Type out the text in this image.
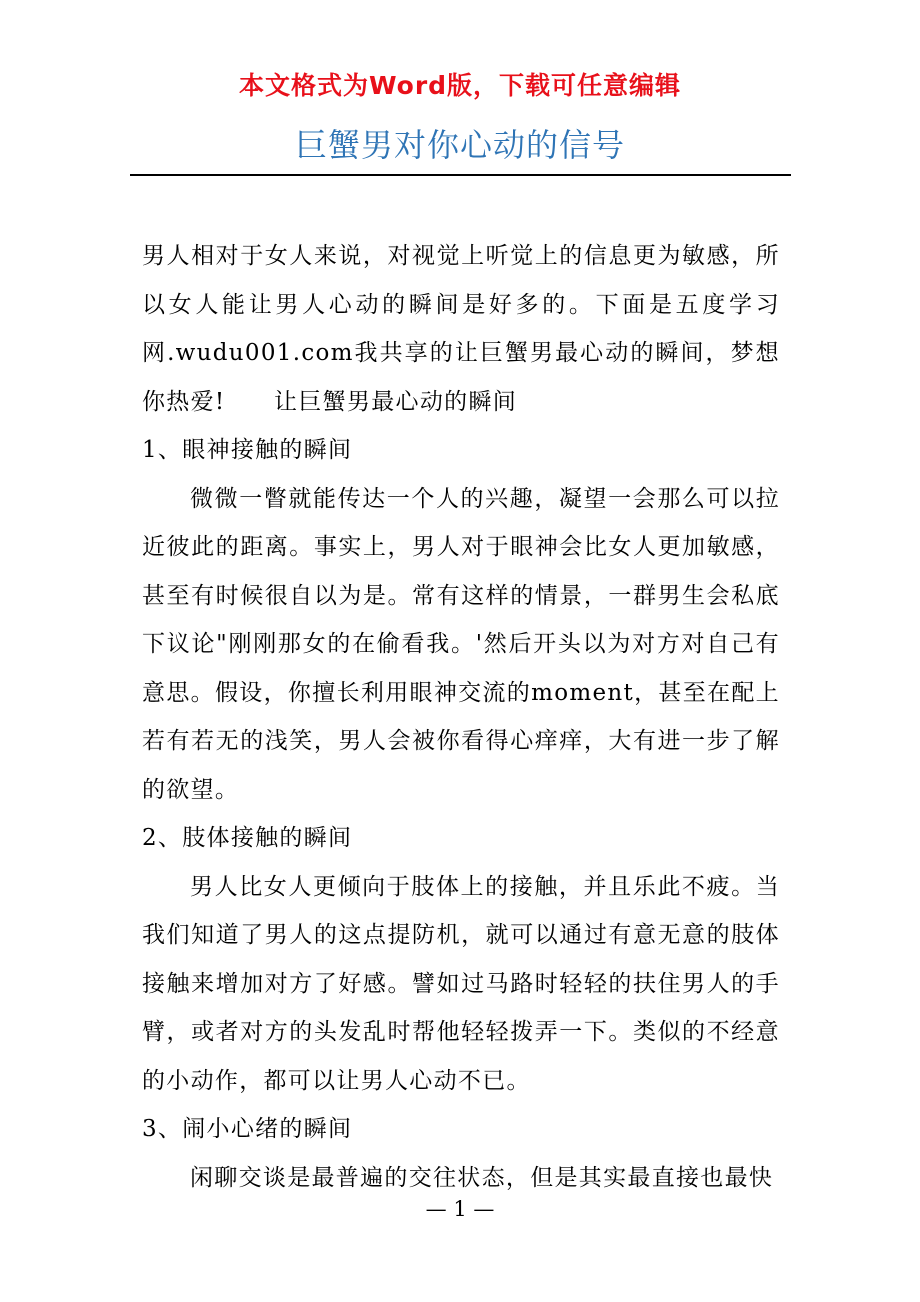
本文格式为Word版，下载可任意编辑
巨蟹男对你心动的信号

男人相对于女人来说，对视觉上听觉上的信息更为敏感，所以女人能让男人心动的瞬间是好多的。下面是五度学习网.wudu001.com我共享的让巨蟹男最心动的瞬间，梦想你热爱!　　让巨蟹男最心动的瞬间

1、眼神接触的瞬间

微微一瞥就能传达一个人的兴趣，凝望一会那么可以拉近彼此的距离。事实上，男人对于眼神会比女人更加敏感，甚至有时候很自以为是。常有这样的情景，一群男生会私底下议论"刚刚那女的在偷看我。'然后开头以为对方对自己有意思。假设，你擅长利用眼神交流的moment，甚至在配上若有若无的浅笑，男人会被你看得心痒痒，大有进一步了解的欲望。

2、肢体接触的瞬间

男人比女人更倾向于肢体上的接触，并且乐此不疲。当我们知道了男人的这点提防机，就可以通过有意无意的肢体接触来增加对方了好感。譬如过马路时轻轻的扶住男人的手臂，或者对方的头发乱时帮他轻轻拨弄一下。类似的不经意的小动作，都可以让男人心动不已。

3、闹小心绪的瞬间

闲聊交谈是最普遍的交往状态，但是其实最直接也最快

— 1 —
